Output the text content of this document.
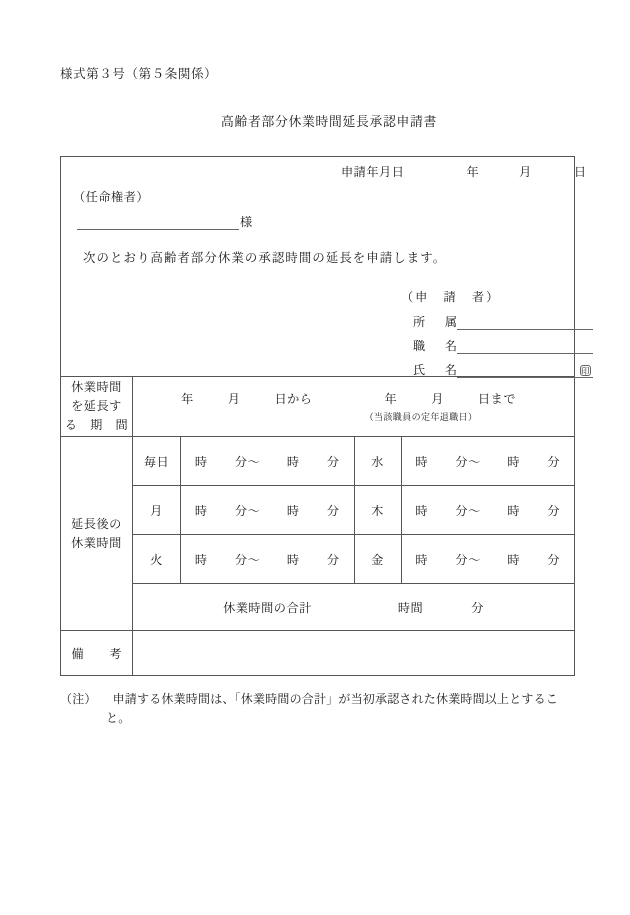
様式第３号（第５条関係）
高齢者部分休業時間延長承認申請書
申請年月日	年	月	日
（任命権者）
様
次のとおり高齢者部分休業の承認時間の延長を申請します。
（申　請　者）
所 属
職 名
氏 名	印
休業時間
を延長す
る　期　間
年	月	日から	年	月	日まで
（当該職員の定年退職日）
延長後の
休業時間
毎日	時	分～	時	分	水	時	分～	時	分
月	時	分～	時	分	木	時	分～	時	分
火	時	分～	時	分	金	時	分～	時	分
休業時間の合計	時間	分
備 考
（注） 申請する休業時間は、「休業時間の合計」が当初承認された休業時間以上とするこ
と。
